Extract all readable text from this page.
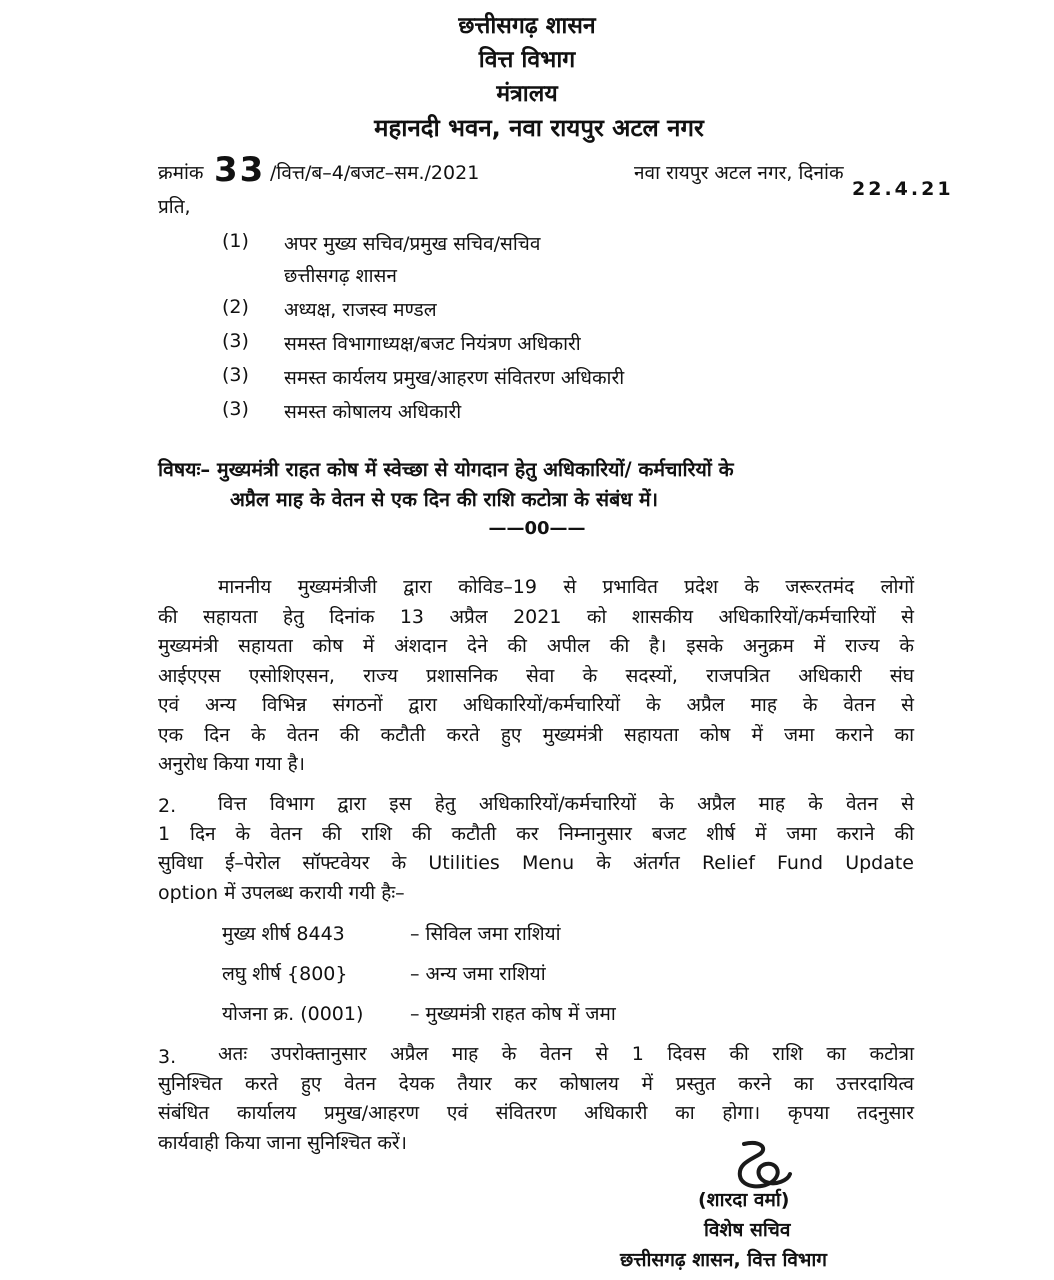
छत्तीसगढ़ शासन
वित्त विभाग
मंत्रालय
महानदी भवन, नवा रायपुर अटल नगर
क्रमांक 33 /वित्त/ब–4/बजट–सम./2021	नवा रायपुर अटल नगर, दिनांक
22.4.21
प्रति,
(1) अपर मुख्य सचिव/प्रमुख सचिव/सचिव
छत्तीसगढ़ शासन
(2) अध्यक्ष, राजस्व मण्डल
(3) समस्त विभागाध्यक्ष/बजट नियंत्रण अधिकारी
(3) समस्त कार्यलय प्रमुख/आहरण संवितरण अधिकारी
(3) समस्त कोषालय अधिकारी
विषयः– मुख्यमंत्री राहत कोष में स्वेच्छा से योगदान हेतु अधिकारियों/ कर्मचारियों के
अप्रैल माह के वेतन से एक दिन की राशि कटोत्रा के संबंध में।
——00——
माननीय मुख्यमंत्रीजी द्वारा कोविड–19 से प्रभावित प्रदेश के जरूरतमंद लोगों
की सहायता हेतु दिनांक 13 अप्रैल 2021 को शासकीय अधिकारियों/कर्मचारियों से
मुख्यमंत्री सहायता कोष में अंशदान देने की अपील की है। इसके अनुक्रम में राज्य के
आईएएस एसोशिएसन, राज्य प्रशासनिक सेवा के सदस्यों, राजपत्रित अधिकारी संघ
एवं अन्य विभिन्न संगठनों द्वारा अधिकारियों/कर्मचारियों के अप्रैल माह के वेतन से
एक दिन के वेतन की कटौती करते हुए मुख्यमंत्री सहायता कोष में जमा कराने का
अनुरोध किया गया है।
2.	वित्त विभाग द्वारा इस हेतु अधिकारियों/कर्मचारियों के अप्रैल माह के वेतन से
1 दिन के वेतन की राशि की कटौती कर निम्नानुसार बजट शीर्ष में जमा कराने की
सुविधा ई–पेरोल सॉफ्टवेयर के Utilities Menu के अंतर्गत Relief Fund Update
option में उपलब्ध करायी गयी हैः–
मुख्य शीर्ष 8443	– सिविल जमा राशियां
लघु शीर्ष {800}	– अन्य जमा राशियां
योजना क्र. (0001) – मुख्यमंत्री राहत कोष में जमा
3.	अतः उपरोक्तानुसार अप्रैल माह के वेतन से 1 दिवस की राशि का कटोत्रा
सुनिश्चित करते हुए वेतन देयक तैयार कर कोषालय में प्रस्तुत करने का उत्तरदायित्व
संबंधित कार्यालय प्रमुख/आहरण एवं संवितरण अधिकारी का होगा। कृपया तदनुसार
कार्यवाही किया जाना सुनिश्चित करें।
(शारदा वर्मा)
विशेष सचिव
छत्तीसगढ़ शासन, वित्त विभाग
